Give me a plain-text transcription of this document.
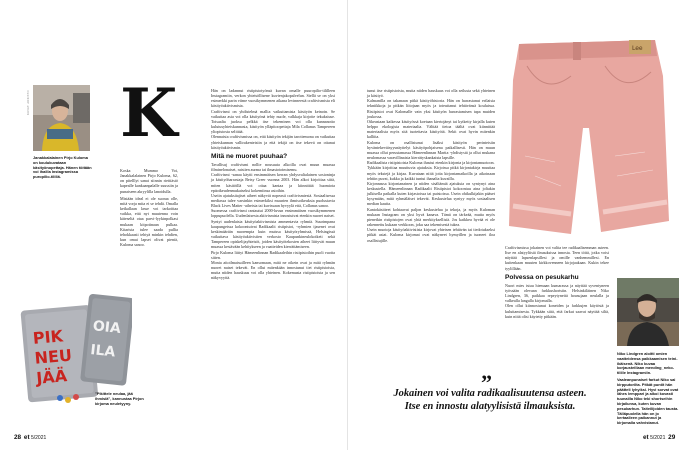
KUVAT: ARKISTO
Janakkalalainen Pirjo Kuloma on koulukuvataan käsityönopettaja. Hänen töitään voi ihailla Instagramissa puropilio-tilillä.
PIK
NEU
JÄÄ
OIA
ILA
"Pikittele neulaa, jää ihmisiä", kannustaa Pirjon kirjoma neuletyyny.

Koska Mummo Voi, Janakkalalainen Pirjo Kuloma, 62, on pitelllyt sanat siinnin riettiästö kapealle kankaanpalalle suussiin ja punaiseen akryylilla lanoidulla.

Mistään ideal ei ole suoraa olle, mitä vorja mita ei se tehdä. Omalla keikallaan lasse voi tarkoittaa vaikka, että nyt muutenna voin käteseltä otaa parvi-lyykinpolkasi mukaan kitpotinaan pulkaa. Kitarista tulee saada pullia tehokkaasti tehtyä minkin tehdien, kun omai lapset olivat pieniä, Kuloma sanoo.

K	Hän on ladannut ristipistotyönsä kuvan omalle puuropilio-tililleen Instagramiin, verkon yhteisöllisene kuvienjakopalvelun. Siellä se on yksi esimerkki parin viime vuosikymmenen aikana levinneestä craftivismista eli käsityöaktivismista.

Craftivismi on yhdistelmä mallia vaikuttamista käsityön keinoin. Se vaikuttaa asia voi olla käsityönä tehty nuole, valkkaja kirjotte tekuksiuse. Toisaalta juoksu pelkkä itse tekeminen voi olla kannanotto kulutusyhteiskunnasta, käsityön ylläpitoopettaja Mila Collanus Tampereen yliopistosta selittää.

Olennaista craftivismissa on, että käsityön tekijän tarottemona on vaikuttaa yhteiskunnan vallirakenteisiin ja että tekijä on itse tekevä on ottanut käsityöaktivismin.

Mitä ne muoret puuhaa?

Tavallisuj craftivismi nollie nousuuta alkoilla ovat muun muassa filminelonaiset, raistien aurma tai ilmastotoimisemu.

Craftivismi -sanaa käytti ensimmäisen kerran yhdysvaltalainen sosioninja ja käsityöharrastaja Betsy Greer vuonna 2003. Hän alkoi kirjoittaa siitä, miten käsitöillä voi ottaa kantaa ja kiinnittää huomiota epäoikeudenmukaiseksi kokemiinsa asioihin.

Useiin ajatuksitajiset aiheet näkyvät nopeasti craftivismiestä. Sosiaalisessa mediassa tulee varsinkin esimerkiksi muurien ihmisoikeuksia puolustavia Black Lives Matter -aiheisia tai kuvissaan hyvyylä että, Collanus sanoo.

Suomessa craftivismi rantautui 2000-luvun ensimmäisen vuosikymmenen loppupuolella. Uudenlaisesta aktivismista innostuivat etenkin nuoret naiset.

Syntyi uudenlaisia käsityöaktivismista ammentavia ryhmiä. Suurimpana kaupungeissa kokoontuivat Radikaalit ristipistot, -ryhmien ijasenet ovat keskimääräin nuorempia kuin muissa käsityöryhmissä, Helsingissä vaikuttava käsityöaktivistien verkosto Kaupunkineulokoiketi sekä Tampereen opiskelijayhteisöt, joiden käsityötekosten aiheet liittyvät muun muassa kestävään kehitykseen ja vaatteiden kierrättämiseen.

Pirjo Kuloma liittyi Hämeenlinnan Radikaaleihin ristipistoihin puoli vuotta sitten.

Monia aitoilmaisuilleen kansomaan, mitä ne oikein ovat ja mitä ryhmän nuoret naiset tekevät. En ollut mitenkään innostunut tiet ristipistoista, mutta niiden hauskuus voi olla yhteinen. Kokemusta ristipistoista ja sen näkyvyyttä.

28 et 5/2021

tunut itse ristipistoista, mutta niiden hauskuus voi olla seilusta sekä yhteinen ja käsityö.

Kalmanilla on takanaan pitkä käsityöhistoria. Hän on harrastanut erilaisia tekniikkoja ja pitkän liitojaan myös ja toteuttanut tehtävänsä kouluissa. Ristipistot ovat Kalomalle vain yksi käsityön harrastamisen tapa muiden joukossa.

Oikeastaan kaikessa käsityössä koetaan kiertojänyt tai kytketty kirjalla kuten helppo ekologista materiaalia. Välttää tietoa täältä ovat kiinnittää materiaalista myös sitä tuotettavia käsityötä. Sekit ovat hyvin mitenkin kalliita.

Kuloma on osallistunut lisäksi käsityön perinteisiin hyväntekeväisyysnäyttelyt käsityöpohjaisena paikallisesti. Hän on muun muassa ollut perustamassa Hämeenlinnan Martta -yhdistystä ja ollut mukana neulomassa varavillinaisia kierrätyskankaista lapsille.

Radikaalista ristipistoista Kuloma ihastui etenkin kirjonta ja kirjontamuotoon.

Tykkään kirjoittaa muuttuvia ajatuksia. Kirjoissa pitkä kirjontakirja muuttaa myös tekstejä ja kirjaa. Kuvataan niitä joita kirjontamatkoilla ja aikoinaan tehtiin puvat, kukka ja kaikki tuntui ihanalta kuvailla.

Kirjonnassa kirjontanainen ja niiden sisältämiä ajatuksia on syntynyt aina keskustella. Hämeenlinnan Radikaalit Ristipistot kokoontuu aina joltakin julkisella paikalla kuten kirjastoissa tai puistoissa. Usein ohikulkijakin pääset kysymään, mitä ryhmäläiset tekevät. Keskustelua syntyy myös sosiaalisen median kautta.

Kantokäsitteet kohtaavat paljon keskustelua ja tekoja, ja myös Kuloman mukaan Instagram on yksi hyvä kanava. Tämä on tärkeää, mutta myös pienetkin ristipistojen ovat yhtä merkityksellisiä. Jos kaikkea hyvää ei ole rakennettu kukaan verkkoon, joku saa tekemisestä tukea.

Usein muotoja käsityöaktivistista kirjovat yhteisen tehtävän tai tiedotukseksi pitkät asiat. Kuloma kirjomat ovat näkyneet hymyillen ja tuoneet iloa osallistujille.

Lee

Craftivismissa jokainen voi valita tee radikaalisemman asteen. Itse en alatyyliisiä ilmauksissa innosta. Teen töitä, jotka voisi näyttää lapsenlapsillesi ja omille vanhemmillesi. En kuitenkaan muuten kirkkovenneen kirjojaakaan. Kukin tekee tyylillään.

Polvessa on pesukarhu

Nuori mies istuu hiemaan kumarassa ja näyttää syventyneen työssään olevaan farkkushortsiin. Helsinkiläinen Niko Lindgren, 36, paikkaa repeytyneitä housujaan neulalla ja valkealla langalla kirjomalla.

Olen ollut kiinnostunut koneiden ja farkkujen käytöstä ja kuluttamisesta. Tykkään siitä, että farkut saavat näyttää siltä, kuin niitä olisi käytetty pitkään.

Niko Lindgren aloitti omien vaatteidensa paikkaamisen teini-ikäisenä. Niko kuvaa korjausteillaan mending_neko-tilille Instagramiin.
Vaaleanpunaiset farkut Niko sai kirpputorilta. Pitkät puntit hän päätteli lyhyiksi. Hyvi sorvat ovat lähes lemppari ja aikoi kovasti tuunailla Niko teki shortseihin kirjailunsa, kuten kuvan pesukarhun. Taiteilijoiden tausta. Tälläpuolella hän on jo kertaalleen paikannut ja kirjomalla vahvistanut.
”
Jokainen voi valita radikaalisuutensa asteen. Itse en innostu alatyylisistä ilmauksista.
et 5/2021 29
